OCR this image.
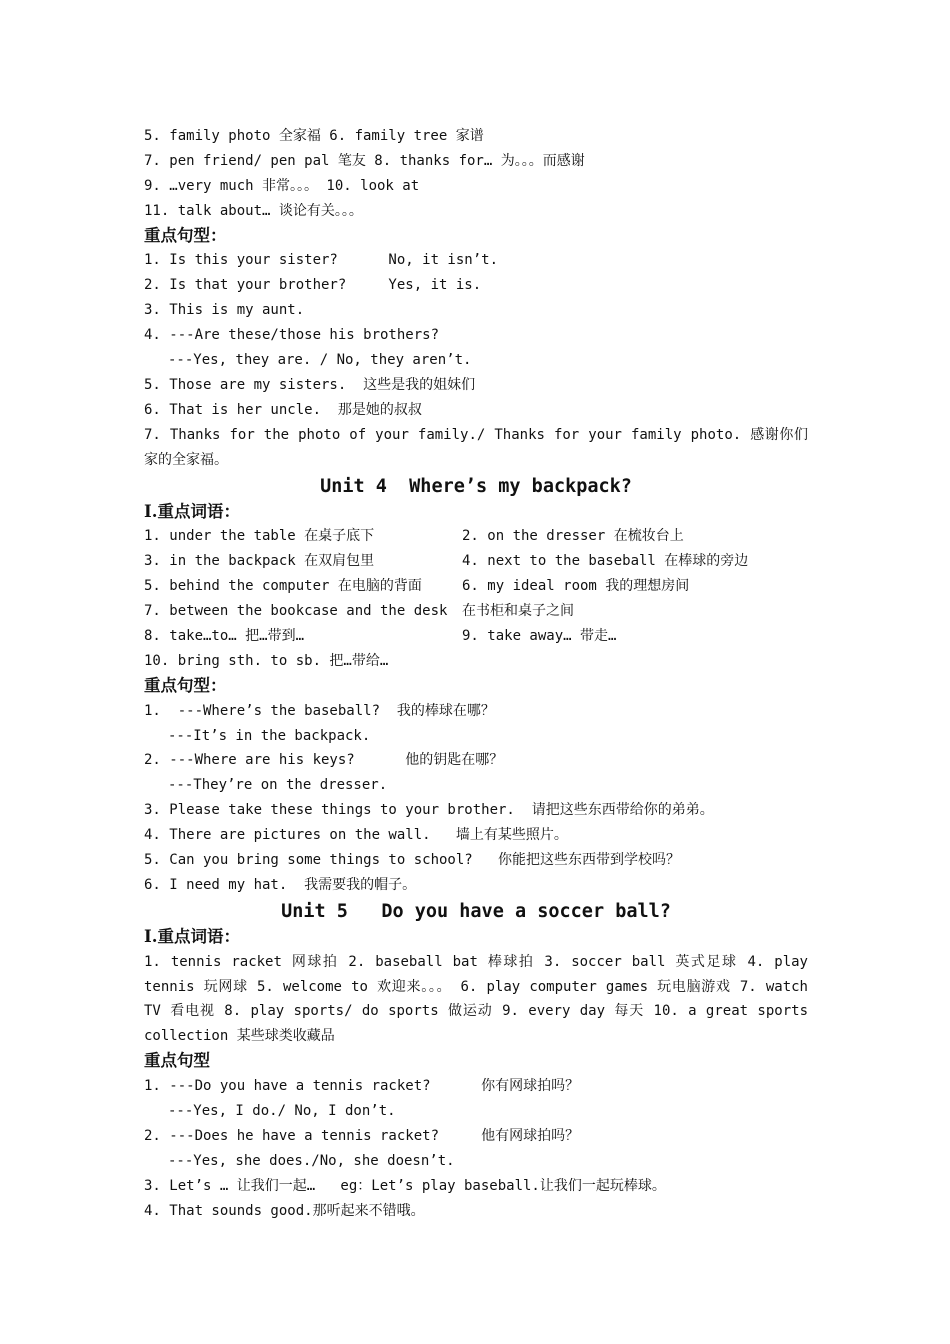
5. family photo 全家福 6. family tree 家谱
7. pen friend/ pen pal 笔友 8. thanks for… 为。。。而感谢
9. …very much 非常。。。 10. look at
11. talk about… 谈论有关。。。
重点句型：
1. Is this your sister?      No, it isn’t.
2. Is that your brother?     Yes, it is.
3. This is my aunt.
4. ---Are these/those his brothers?
---Yes, they are. / No, they aren’t.
5. Those are my sisters.  这些是我的姐妹们
6. That is her uncle.  那是她的叔叔
7. Thanks for the photo of your family./ Thanks for your family photo. 感谢你们家的全家福。
Unit 4  Where’s my backpack?
Ⅰ.重点词语：
1. under the table 在桌子底下	2. on the dresser 在梳妆台上
3. in the backpack 在双肩包里	4. next to the baseball 在棒球的旁边
5. behind the computer 在电脑的背面	6. my ideal room 我的理想房间
7. between the bookcase and the desk	在书柜和桌子之间
8. take…to… 把…带到…	9. take away… 带走…
10. bring sth. to sb. 把…带给…
重点句型：
1.  ---Where’s the baseball?  我的棒球在哪？
---It’s in the backpack.
2. ---Where are his keys?      他的钥匙在哪？
---They’re on the dresser.
3. Please take these things to your brother.  请把这些东西带给你的弟弟。
4. There are pictures on the wall.   墙上有某些照片。
5. Can you bring some things to school?   你能把这些东西带到学校吗？
6. I need my hat.  我需要我的帽子。
Unit 5   Do you have a soccer ball?
Ⅰ.重点词语：
1. tennis racket 网球拍 2. baseball bat 棒球拍 3. soccer ball 英式足球 4. play tennis 玩网球 5. welcome to 欢迎来。。。 6. play computer games 玩电脑游戏 7. watch TV 看电视 8. play sports/ do sports 做运动 9. every day 每天 10. a great sports collection 某些球类收藏品
重点句型
1. ---Do you have a tennis racket?      你有网球拍吗？
---Yes, I do./ No, I don’t.
2. ---Does he have a tennis racket?     他有网球拍吗？
---Yes, she does./No, she doesn’t.
3. Let’s … 让我们一起…   eg：Let’s play baseball.让我们一起玩棒球。
4. That sounds good.那听起来不错哦。
